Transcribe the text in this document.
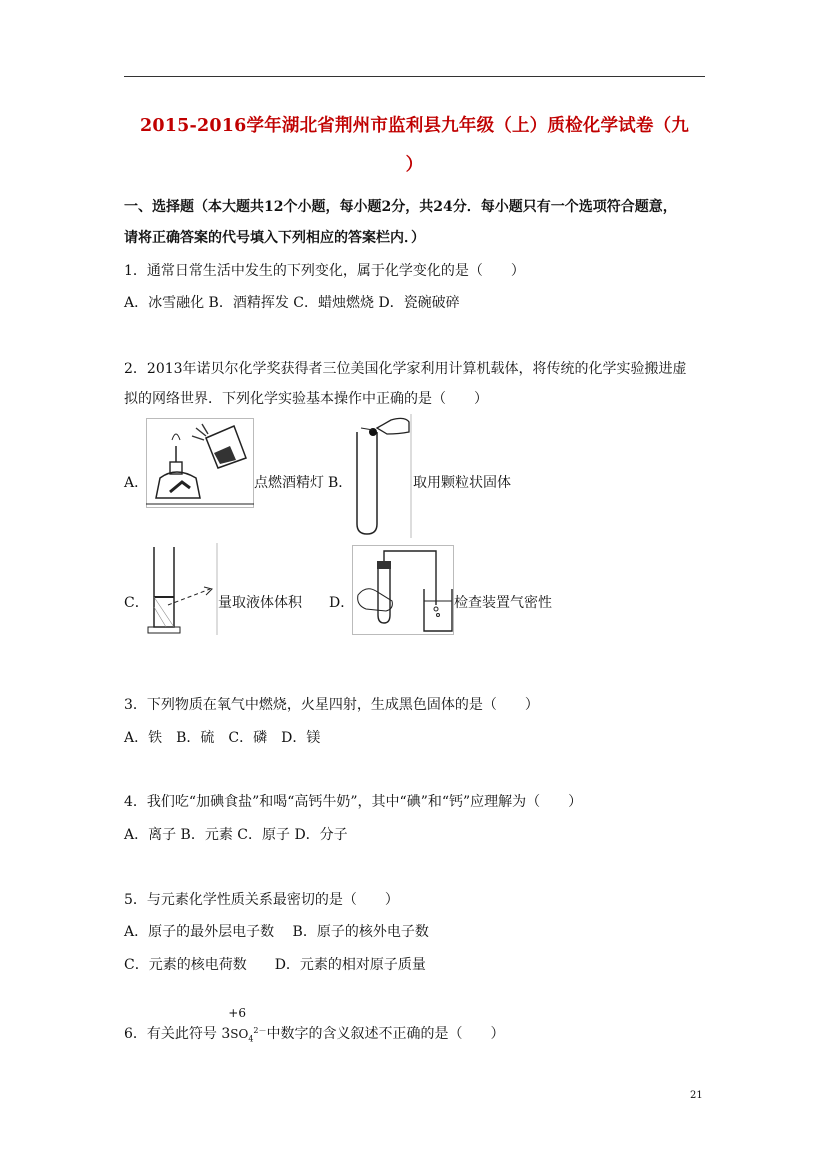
2015-2016学年湖北省荆州市监利县九年级（上）质检化学试卷（九
）
一、选择题（本大题共12个小题，每小题2分，共24分．每小题只有一个选项符合题意，
请将正确答案的代号填入下列相应的答案栏内．）
1．通常日常生活中发生的下列变化，属于化学变化的是（　　）
A．冰雪融化 B．酒精挥发 C．蜡烛燃烧 D．瓷碗破碎
2．2013年诺贝尔化学奖获得者三位美国化学家利用计算机载体，将传统的化学实验搬进虚
拟的网络世界．下列化学实验基本操作中正确的是（　　）
A．	点燃酒精灯 B．	取用颗粒状固体
C．	量取液体体积 D．	检查装置气密性
3．下列物质在氧气中燃烧，火星四射，生成黑色固体的是（　　）
A．铁　B．硫　C．磷　D．镁
4．我们吃“加碘食盐”和喝“高钙牛奶”，其中“碘”和“钙”应理解为（　　）
A．离子 B．元素 C．原子 D．分子
5．与元素化学性质关系最密切的是（　　）
A．原子的最外层电子数　 B．原子的核外电子数
C．元素的核电荷数　　D．元素的相对原子质量
6．有关此符号 3
+6
$SO_4^{2-}$中数字的含义叙述不正确的是（　　）
21
